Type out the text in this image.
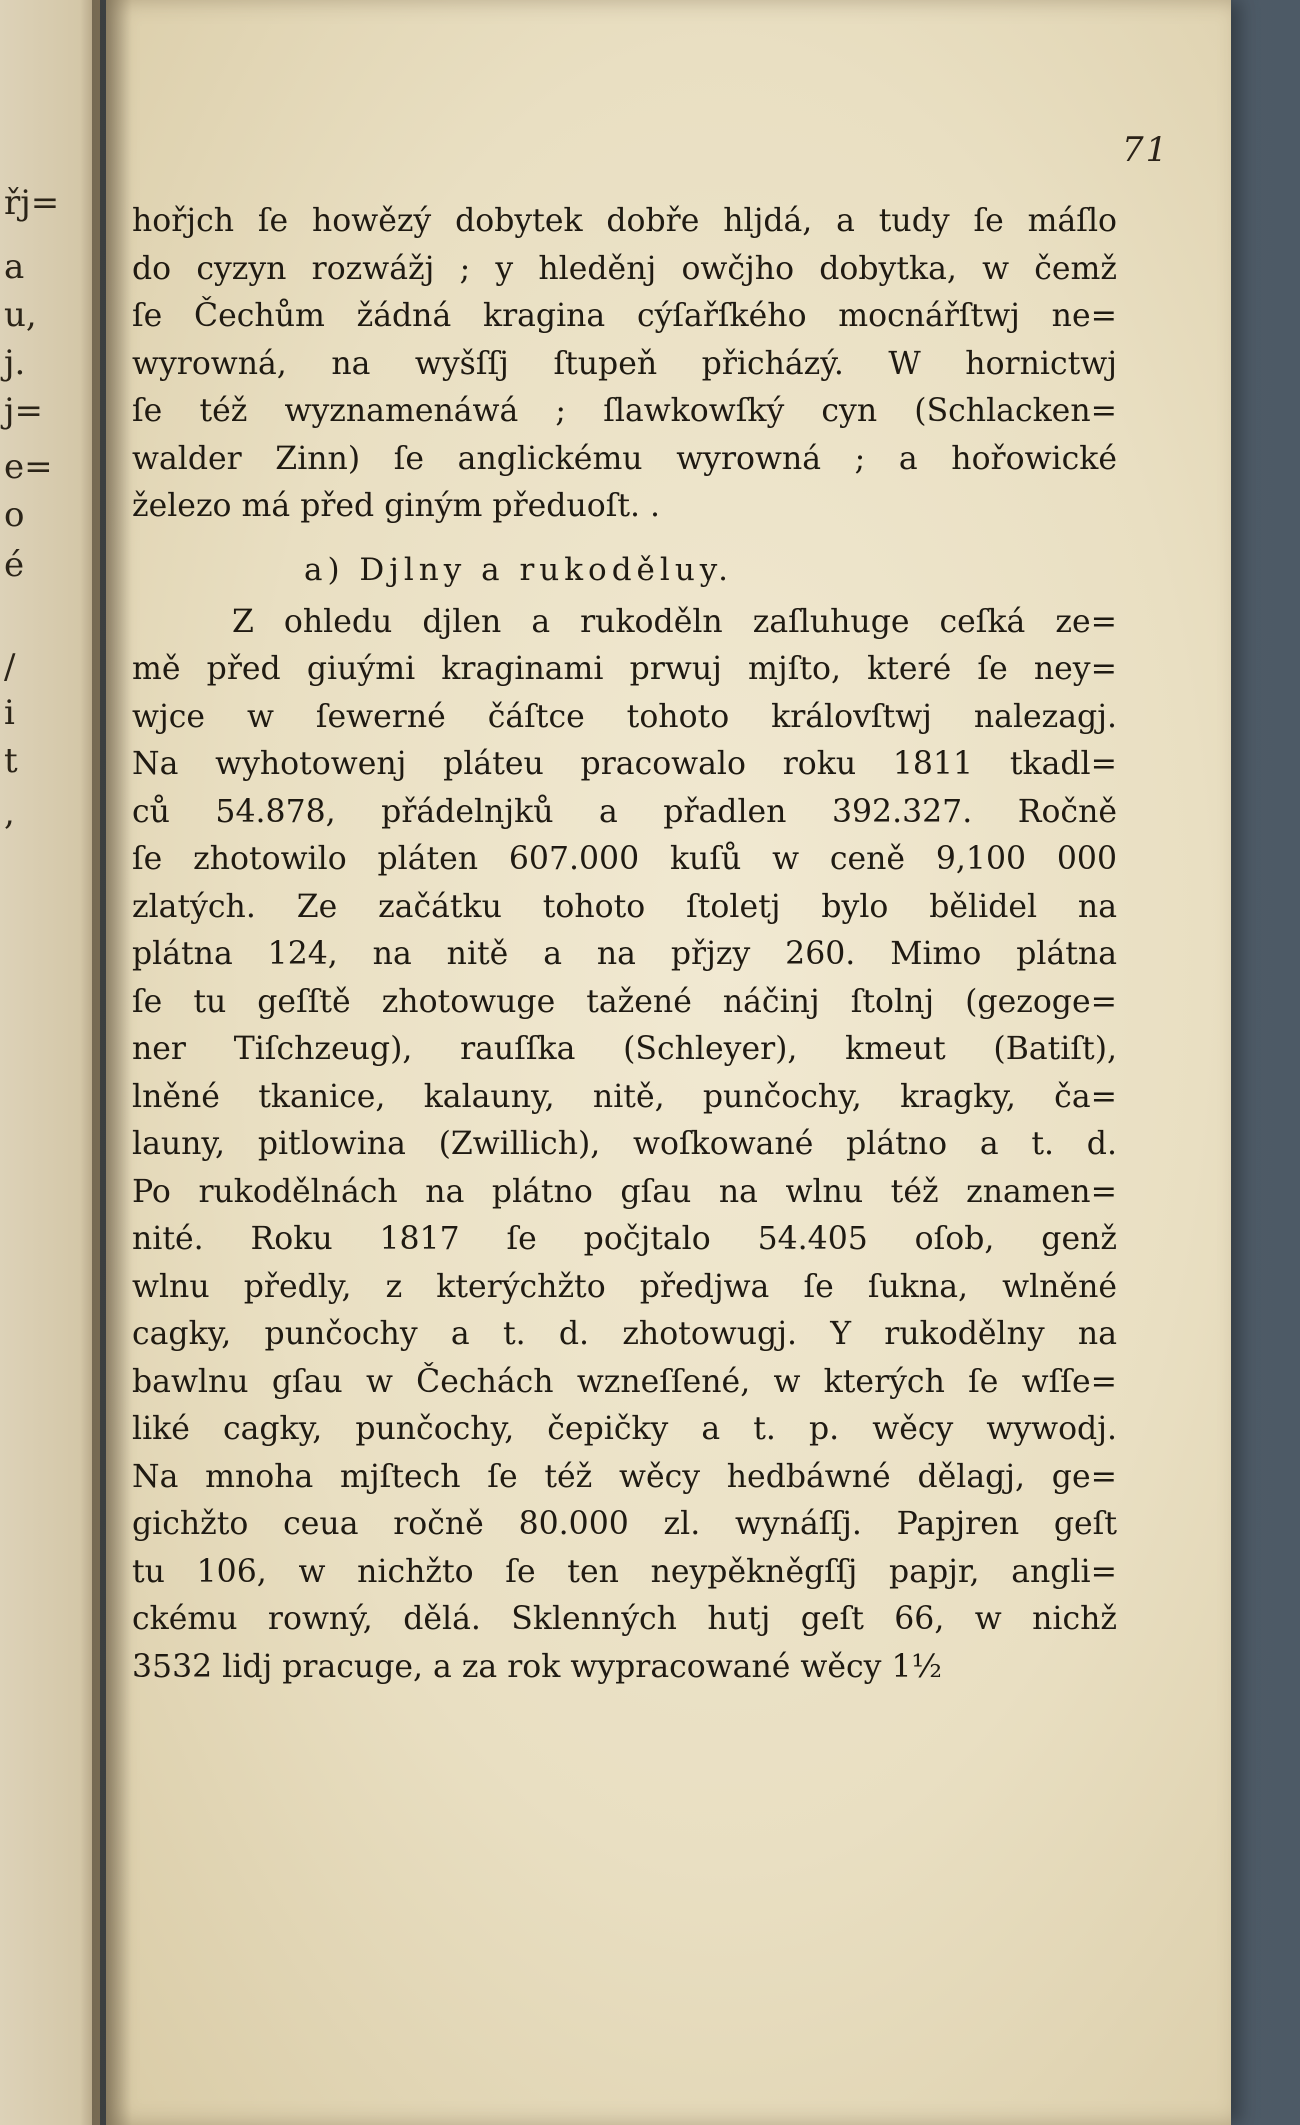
řj=
a
u,
j.
j=
e=
o
é
/
i
t
,
71
hořjch ſe howězý dobytek dobře hljdá, a tudy ſe máſlo
do cyzyn rozwážj ; y hleděnj owčjho dobytka, w čemž
ſe Čechům žádná kragina cýſařſkého mocnářſtwj ne=
wyrowná, na wyšſſj ſtupeň přicházý. W hornictwj
ſe též wyznamenáwá ; ſlawkowſký cyn (Schlacken=
walder Zinn) ſe anglickému wyrowná ; a hořowické
železo má před giným předuoſt. .
a) Djlny a rukoděluy.
Z ohledu djlen a rukoděln zaſluhuge ceſká ze=
mě před giuými kraginami prwuj mjſto, které ſe ney=
wjce w ſewerné čáſtce tohoto královſtwj nalezagj.
Na wyhotowenj pláteu pracowalo roku 1811 tkadl=
ců 54.878, přádelnjků a přadlen 392.327. Ročně
ſe zhotowilo pláten 607.000 kuſů w ceně 9,100 000
zlatých. Ze začátku tohoto ſtoletj bylo bělidel na
plátna 124, na nitě a na přjzy 260. Mimo plátna
ſe tu geſſtě zhotowuge tažené náčinj ſtolnj (gezoge=
ner Tiſchzeug), rauſſka (Schleyer), kmeut (Batiſt),
lněné tkanice, kalauny, nitě, punčochy, kragky, ča=
launy, pitlowina (Zwillich), woſkowané plátno a t. d.
Po rukodělnách na plátno gſau na wlnu též znamen=
nité. Roku 1817 ſe počjtalo 54.405 oſob, genž
wlnu předly, z kterýchžto předjwa ſe ſukna, wlněné
cagky, punčochy a t. d. zhotowugj. Y rukodělny na
bawlnu gſau w Čechách wzneſſené, w kterých ſe wſſe=
liké cagky, punčochy, čepičky a t. p. wěcy wywodj.
Na mnoha mjſtech ſe též wěcy hedbáwné dělagj, ge=
gichžto ceua ročně 80.000 zl. wynáſſj. Papjren geſt
tu 106, w nichžto ſe ten neypěkněgſſj papjr, angli=
ckému rowný, dělá. Sklenných hutj geſt 66, w nichž
3532 lidj pracuge, a za rok wypracowané wěcy 1½
